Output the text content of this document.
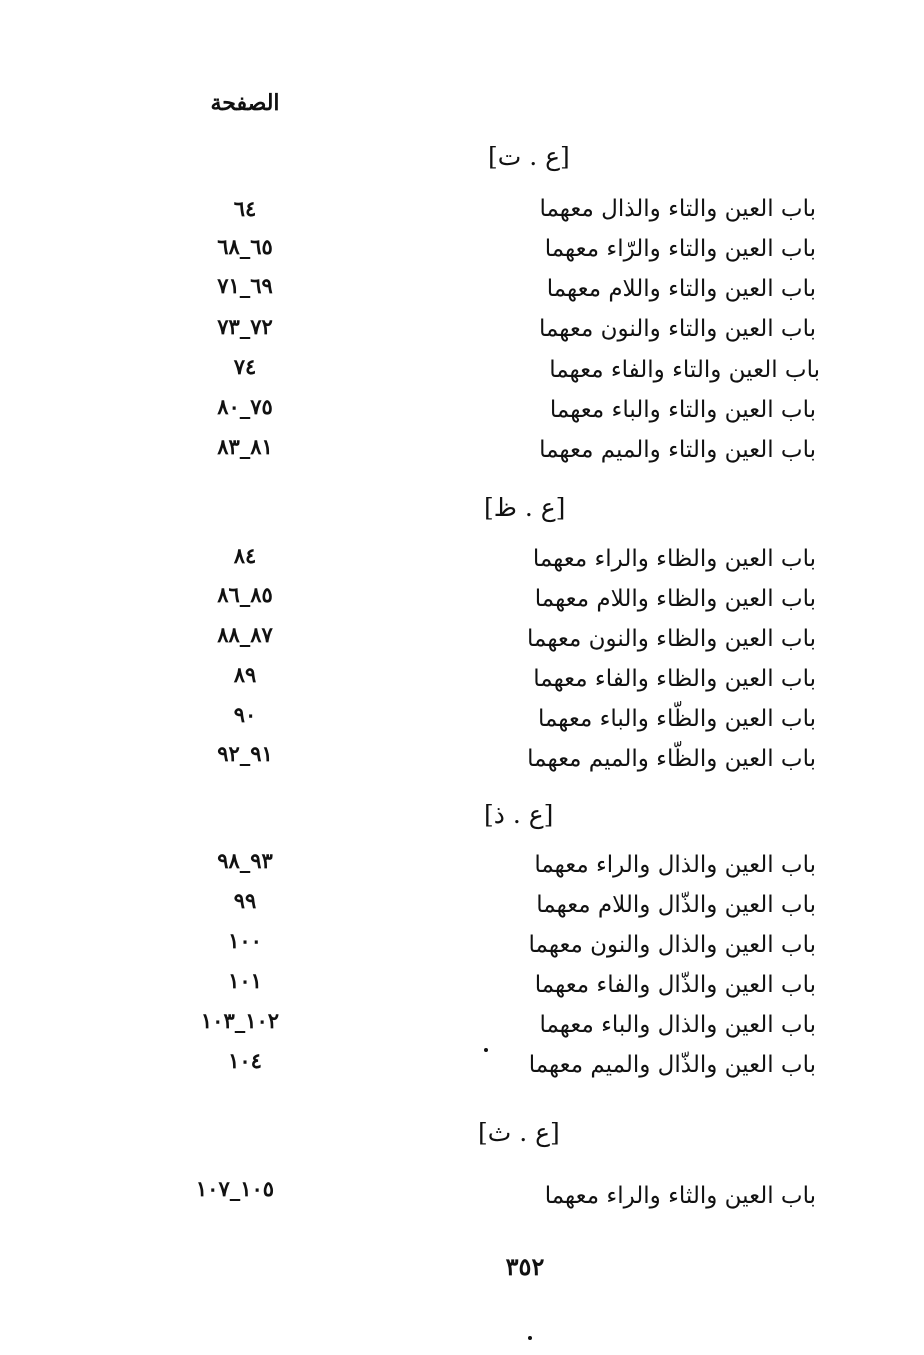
الصفحة
[ع . ت]
باب العين والتاء والذال معهما
٦٤
باب العين والتاء والرّاء معهما
٦٥_٦٨
باب العين والتاء واللام معهما
٦٩_٧١
باب العين والتاء والنون معهما
٧٢_٧٣
باب العين والتاء والفاء معهما
٧٤
باب العين والتاء والباء معهما
٧٥_٨٠
باب العين والتاء والميم معهما
٨١_٨٣
[ع . ظ]
باب العين والظاء والراء معهما
٨٤
باب العين والظاء واللام معهما
٨٥_٨٦
باب العين والظاء والنون معهما
٨٧_٨٨
باب العين والظاء والفاء معهما
٨٩
باب العين والظّاء والباء معهما
٩٠
باب العين والظّاء والميم معهما
٩١_٩٢
[ع . ذ]
باب العين والذال والراء معهما
٩٣_٩٨
باب العين والذّال واللام معهما
٩٩
باب العين والذال والنون معهما
١٠٠
باب العين والذّال والفاء معهما
١٠١
باب العين والذال والباء معهما
١٠٢_١٠٣
باب العين والذّال والميم معهما
١٠٤
[ع . ث]
باب العين والثاء والراء معهما
١٠٥_١٠٧
٣٥٢
